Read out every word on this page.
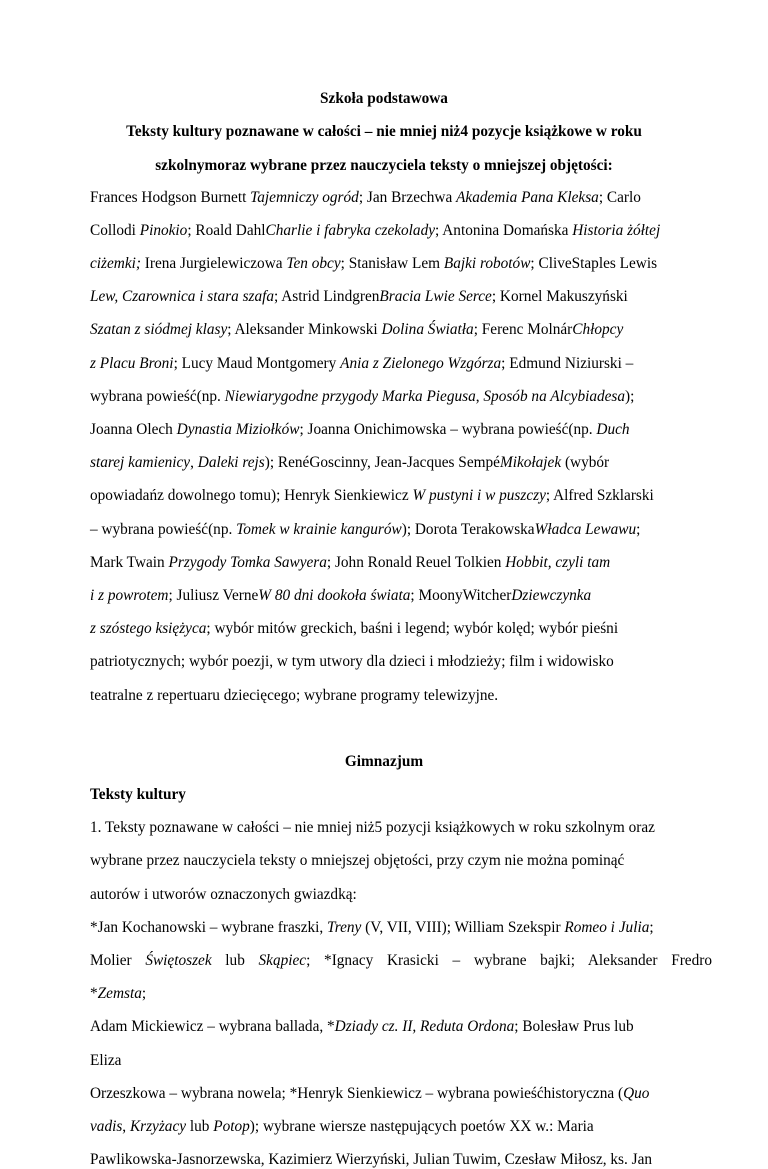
Szkoła podstawowa
Teksty kultury poznawane w całości – nie mniej niż4 pozycje książkowe w roku
szkolnymoraz wybrane przez nauczyciela teksty o mniejszej objętości:
Frances Hodgson Burnett Tajemniczy ogród; Jan Brzechwa Akademia Pana Kleksa; Carlo
Collodi Pinokio; Roald DahlCharlie i fabryka czekolady; Antonina Domańska Historia żółtej
ciżemki; Irena Jurgielewiczowa Ten obcy; Stanisław Lem Bajki robotów; CliveStaples Lewis
Lew, Czarownica i stara szafa; Astrid LindgrenBracia Lwie Serce; Kornel Makuszyński
Szatan z siódmej klasy; Aleksander Minkowski Dolina Światła; Ferenc MolnárChłopcy
z Placu Broni; Lucy Maud Montgomery Ania z Zielonego Wzgórza; Edmund Niziurski –
wybrana powieść(np. Niewiarygodne przygody Marka Piegusa, Sposób na Alcybiadesa);
Joanna Olech Dynastia Miziołków; Joanna Onichimowska – wybrana powieść(np. Duch
starej kamienicy, Daleki rejs); RenéGoscinny, Jean-Jacques SempéMikołajek (wybór
opowiadańz dowolnego tomu); Henryk Sienkiewicz W pustyni i w puszczy; Alfred Szklarski
– wybrana powieść(np. Tomek w krainie kangurów); Dorota TerakowskaWładca Lewawu;
Mark Twain Przygody Tomka Sawyera; John Ronald Reuel Tolkien Hobbit, czyli tam
i z powrotem; Juliusz VerneW 80 dni dookoła świata; MoonyWitcherDziewczynka
z szóstego księżyca; wybór mitów greckich, baśni i legend; wybór kolęd; wybór pieśni
patriotycznych; wybór poezji, w tym utwory dla dzieci i młodzieży; film i widowisko
teatralne z repertuaru dziecięcego; wybrane programy telewizyjne.
Gimnazjum
Teksty kultury
1. Teksty poznawane w całości – nie mniej niż5 pozycji książkowych w roku szkolnym oraz
wybrane przez nauczyciela teksty o mniejszej objętości, przy czym nie można pominąć
autorów i utworów oznaczonych gwiazdką:
*Jan Kochanowski – wybrane fraszki, Treny (V, VII, VIII); William Szekspir Romeo i Julia;
Molier Świętoszek lub Skąpiec; *Ignacy Krasicki – wybrane bajki; Aleksander Fredro
*Zemsta;
Adam Mickiewicz – wybrana ballada, *Dziady cz. II, Reduta Ordona; Bolesław Prus lub
Eliza
Orzeszkowa – wybrana nowela; *Henryk Sienkiewicz – wybrana powieśćhistoryczna (Quo
vadis, Krzyżacy lub Potop); wybrane wiersze następujących poetów XX w.: Maria
Pawlikowska-Jasnorzewska, Kazimierz Wierzyński, Julian Tuwim, Czesław Miłosz, ks. Jan
